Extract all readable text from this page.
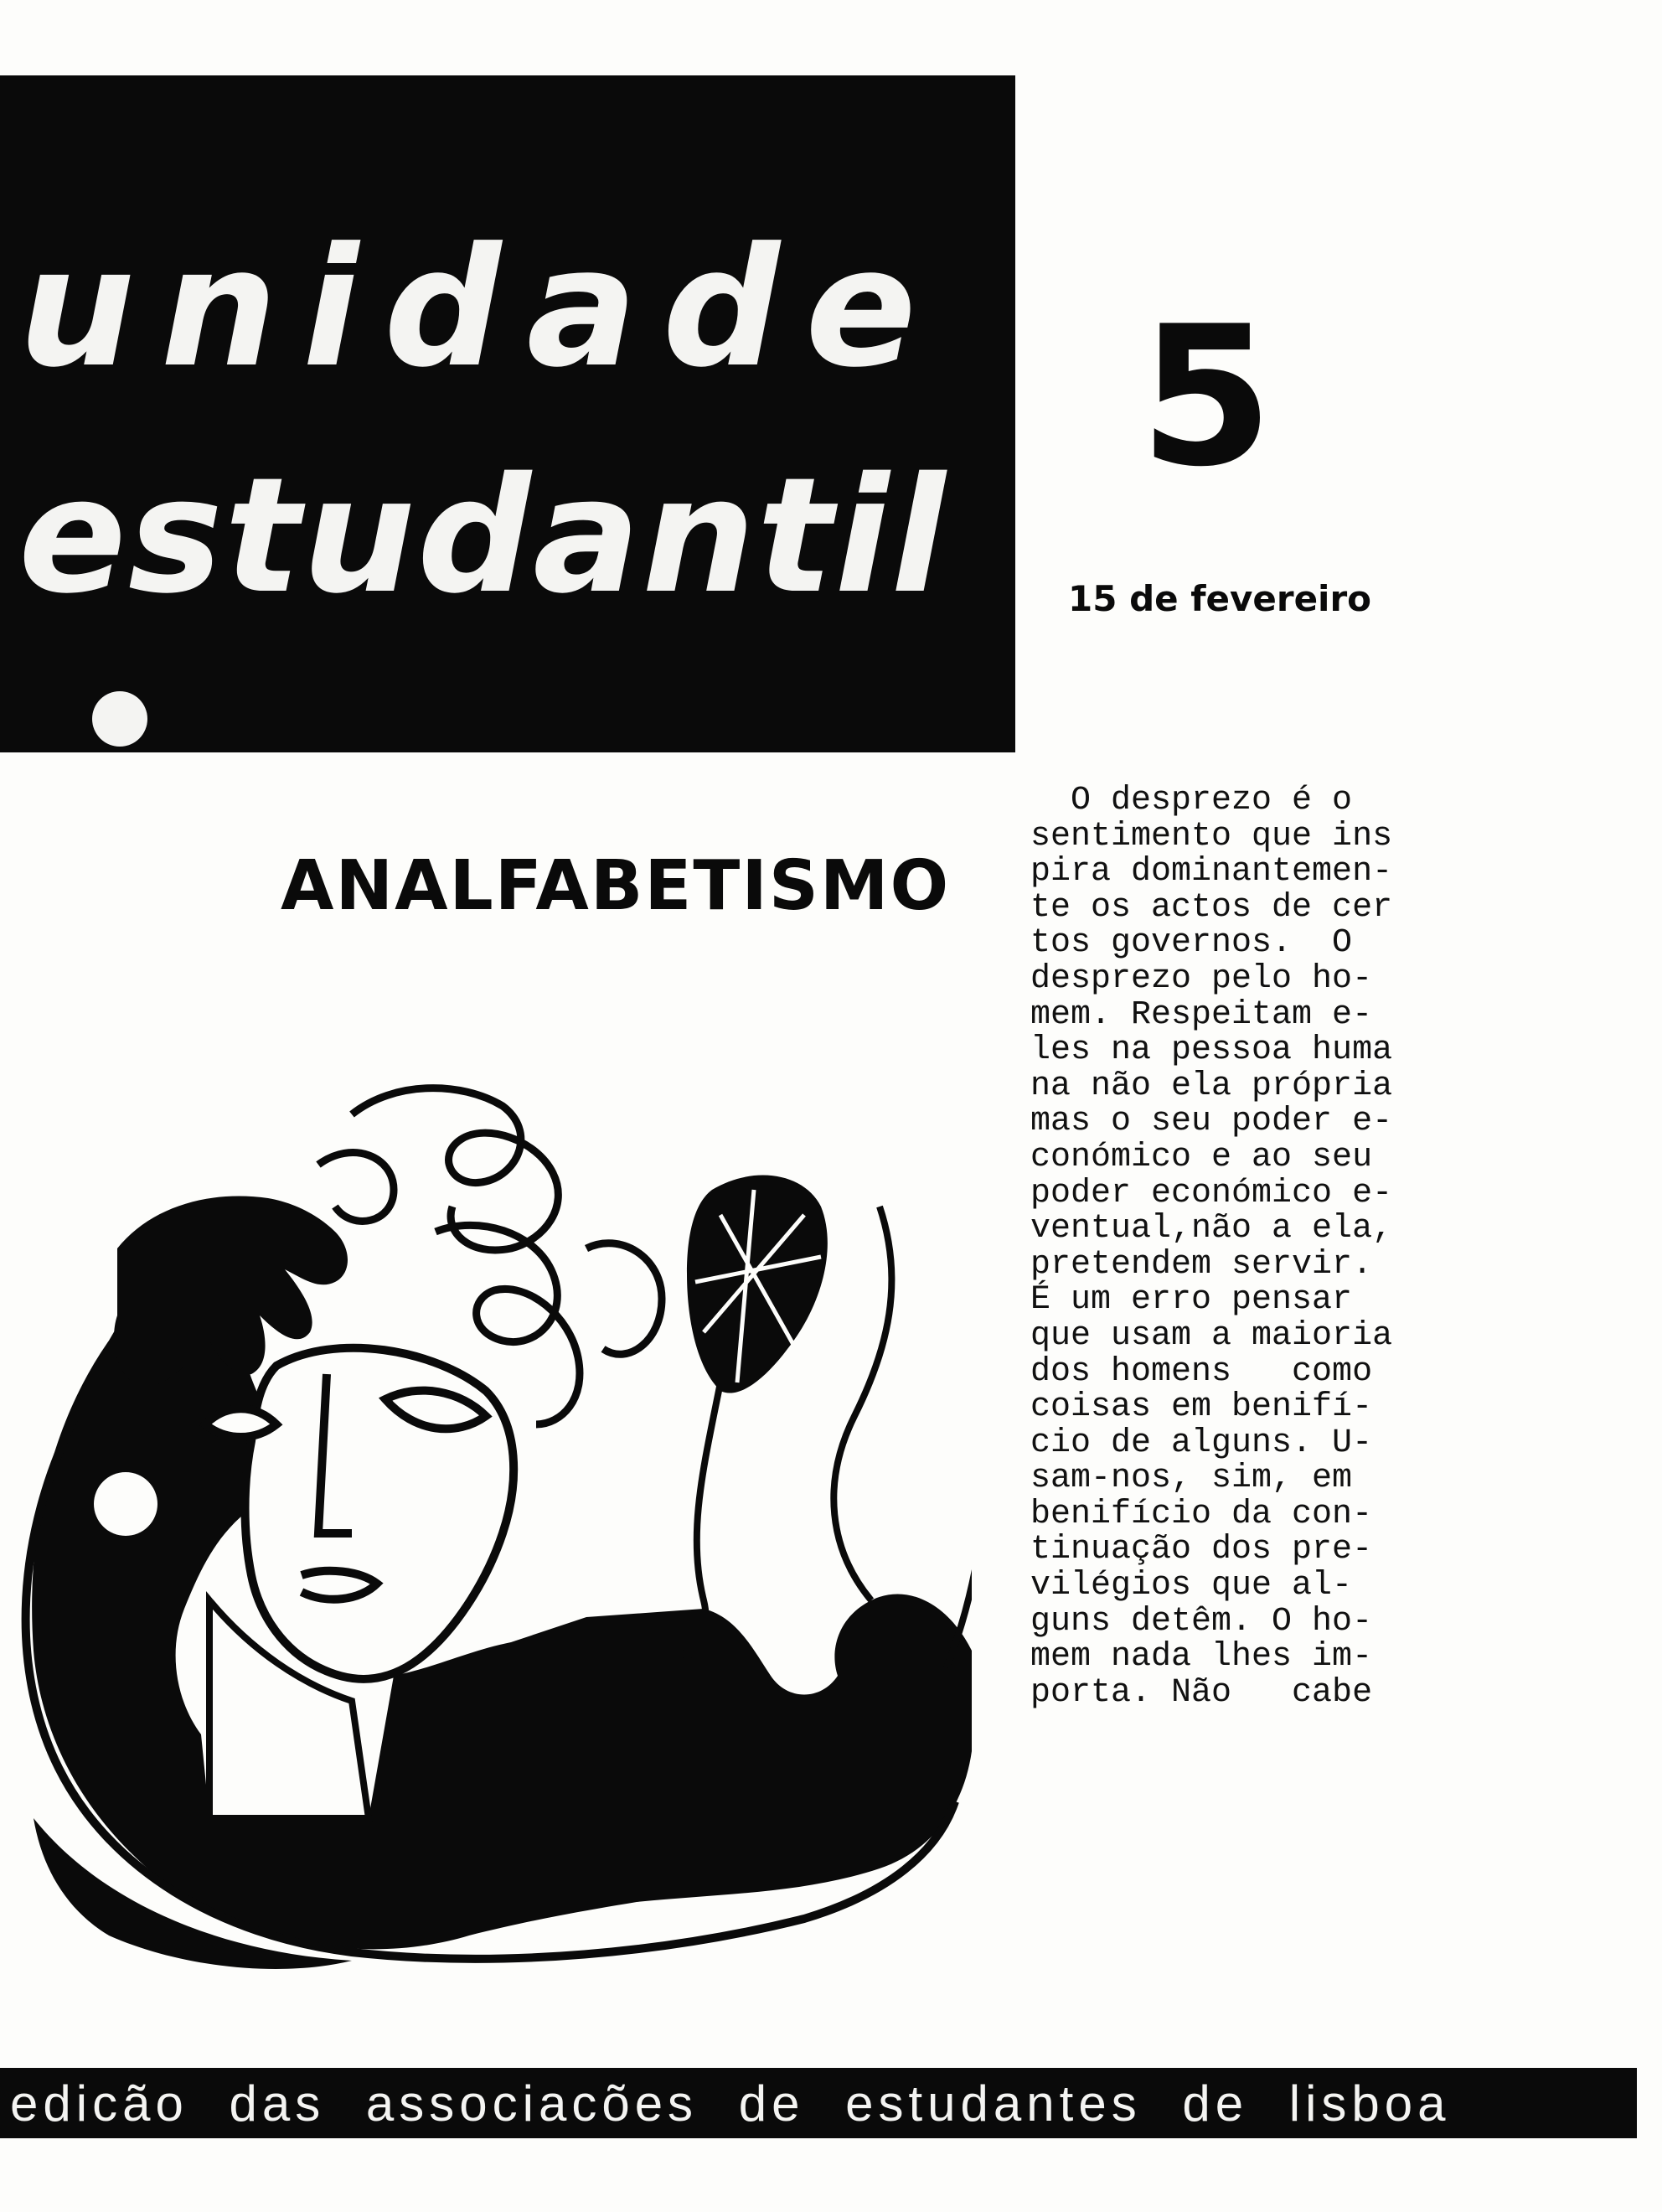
unidade
estudantil
5
15 de fevereiro
ANALFABETISMO
O desprezo é o
sentimento que ins
pira dominantemen-
te os actos de cer
tos governos.  O
desprezo pelo ho-
mem. Respeitam e-
les na pessoa huma
na não ela própria
mas o seu poder e-
conómico e ao seu
poder económico e-
ventual,não a ela,
pretendem servir.
É um erro pensar
que usam a maioria
dos homens   como
coisas em benifí-
cio de alguns. U-
sam-nos, sim, em
benifício da con-
tinuação dos pre-
vilégios que al-
guns detêm. O ho-
mem nada lhes im-
porta. Não   cabe
edicão das associacões de estudantes de lisboa
